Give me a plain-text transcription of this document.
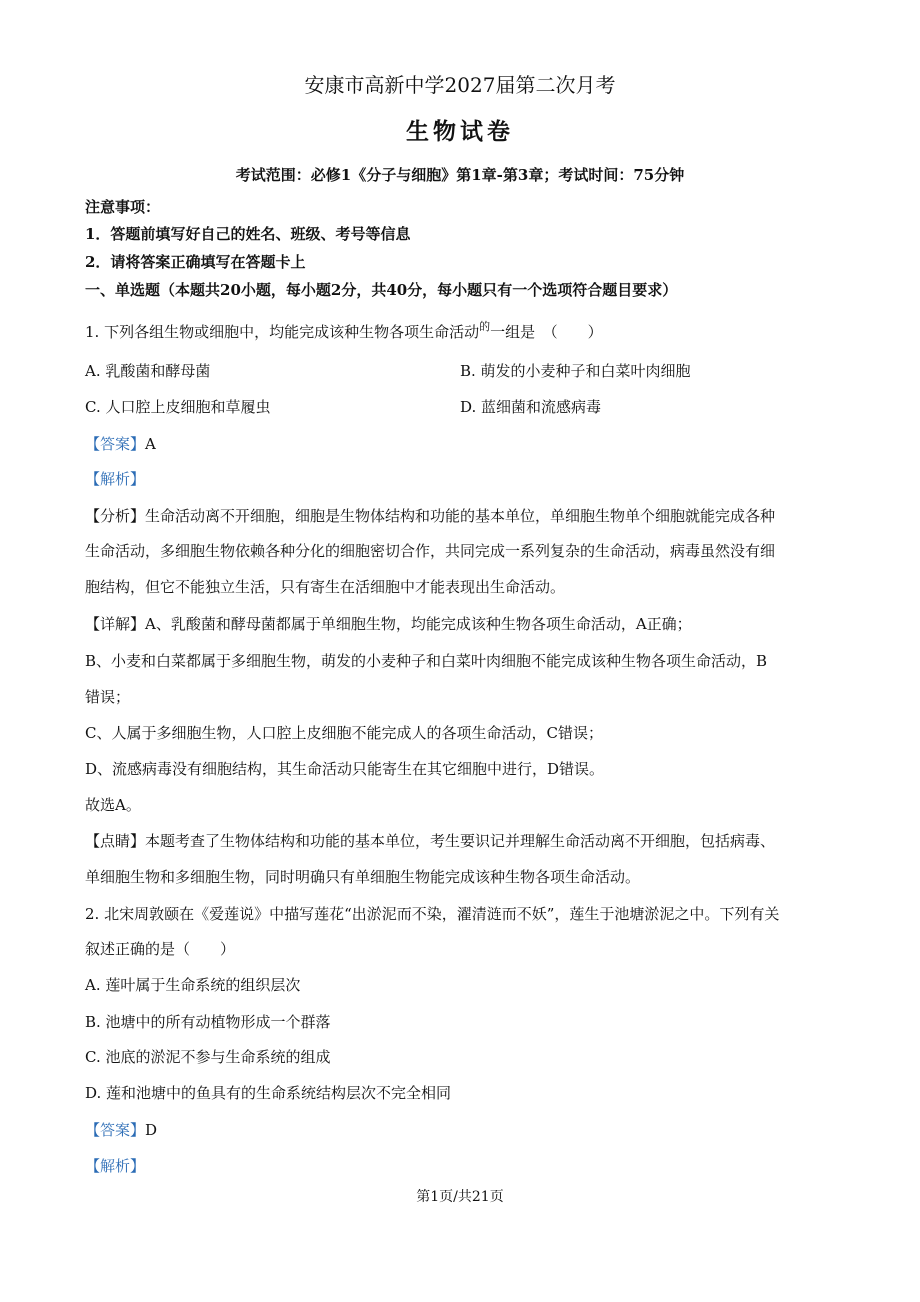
安康市高新中学2027届第二次月考
生物试卷
考试范围：必修1《分子与细胞》第1章-第3章；考试时间：75分钟
注意事项：
1．答题前填写好自己的姓名、班级、考号等信息
2．请将答案正确填写在答题卡上
一、单选题（本题共20小题，每小题2分，共40分，每小题只有一个选项符合题目要求）
1. 下列各组生物或细胞中，均能完成该种生物各项生命活动$^的$一组是　（　　）
A. 乳酸菌和酵母菌	B. 萌发的小麦种子和白菜叶肉细胞
C. 人口腔上皮细胞和草履虫	D. 蓝细菌和流感病毒
【答案】A
【解析】
【分析】生命活动离不开细胞，细胞是生物体结构和功能的基本单位，单细胞生物单个细胞就能完成各种
生命活动，多细胞生物依赖各种分化的细胞密切合作，共同完成一系列复杂的生命活动，病毒虽然没有细
胞结构，但它不能独立生活，只有寄生在活细胞中才能表现出生命活动。
【详解】A、乳酸菌和酵母菌都属于单细胞生物，均能完成该种生物各项生命活动，A正确；
B、小麦和白菜都属于多细胞生物，萌发的小麦种子和白菜叶肉细胞不能完成该种生物各项生命活动，B
错误；
C、人属于多细胞生物，人口腔上皮细胞不能完成人的各项生命活动，C错误；
D、流感病毒没有细胞结构，其生命活动只能寄生在其它细胞中进行，D错误。
故选A。
【点睛】本题考查了生物体结构和功能的基本单位，考生要识记并理解生命活动离不开细胞，包括病毒、
单细胞生物和多细胞生物，同时明确只有单细胞生物能完成该种生物各项生命活动。
2. 北宋周敦颐在《爱莲说》中描写莲花“出淤泥而不染，濯清涟而不妖”，莲生于池塘淤泥之中。下列有关
叙述正确的是（　　）
A. 莲叶属于生命系统的组织层次
B. 池塘中的所有动植物形成一个群落
C. 池底的淤泥不参与生命系统的组成
D. 莲和池塘中的鱼具有的生命系统结构层次不完全相同
【答案】D
【解析】
第1页/共21页
